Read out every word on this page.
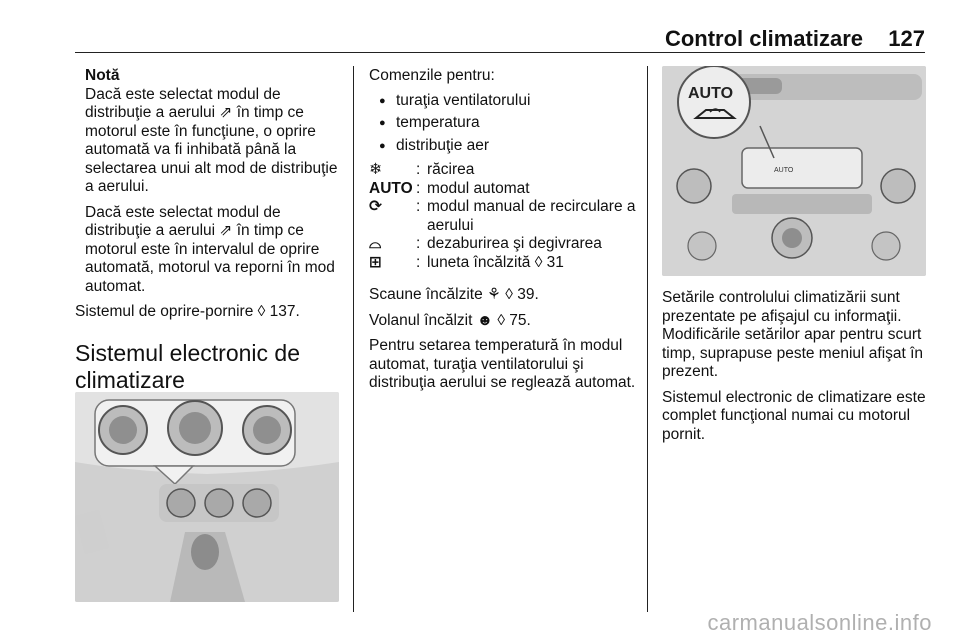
Control climatizare 127
Notă

Dacă este selectat modul de distribuţie a aerului ⇗ în timp ce motorul este în funcţiune, o oprire automată va fi inhibată până la selectarea unui alt mod de distribuţie a aerului.

Dacă este selectat modul de distribuţie a aerului ⇗ în timp ce motorul este în intervalul de oprire automată, motorul va reporni în mod automat.

Sistemul de oprire-pornire ◊ 137.

Sistemul electronic de climatizare
Comenzile pentru:
● turaţia ventilatorului
● temperatura
● distribuţie aer
❄	: răcirea
AUTO : modul automat
⟳	: modul manual de recirculare a aerului
⌓	: dezaburirea şi degivrarea
⊞	: luneta încălzită ◊ 31

Scaune încălzite ⚘ ◊ 39.

Volanul încălzit ☻ ◊ 75.

Pentru setarea temperatură în modul automat, turaţia ventilatorului şi distribuţia aerului se reglează automat.

AUTO
AUTO

Setările controlului climatizării sunt prezentate pe afişajul cu informaţii. Modificările setărilor apar pentru scurt timp, suprapuse peste meniul afişat în prezent.

Sistemul electronic de climatizare este complet funcţional numai cu motorul pornit.

carmanualsonline.info
